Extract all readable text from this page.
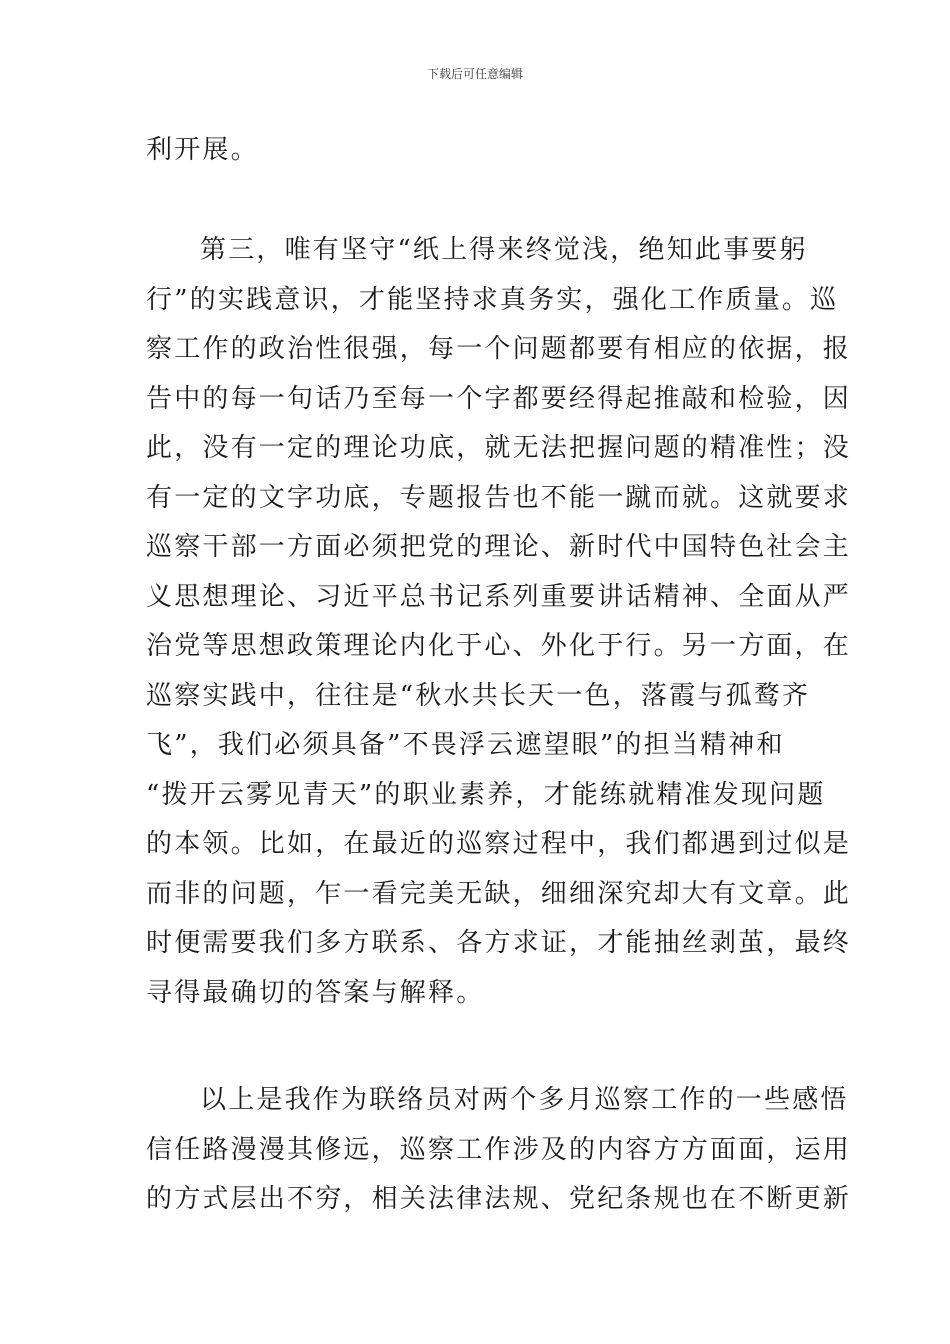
下载后可任意编辑
利开展。
第三，唯有坚守“纸上得来终觉浅，绝知此事要躬
行”的实践意识，才能坚持求真务实，强化工作质量。巡
察工作的政治性很强，每一个问题都要有相应的依据，报
告中的每一句话乃至每一个字都要经得起推敲和检验，因
此，没有一定的理论功底，就无法把握问题的精准性；没
有一定的文字功底，专题报告也不能一蹴而就。这就要求
巡察干部一方面必须把党的理论、新时代中国特色社会主
义思想理论、习近平总书记系列重要讲话精神、全面从严
治党等思想政策理论内化于心、外化于行。另一方面，在
巡察实践中，往往是“秋水共长天一色，落霞与孤鹜齐
飞”，我们必须具备”不畏浮云遮望眼”的担当精神和
“拨开云雾见青天”的职业素养，才能练就精准发现问题
的本领。比如，在最近的巡察过程中，我们都遇到过似是
而非的问题，乍一看完美无缺，细细深究却大有文章。此
时便需要我们多方联系、各方求证，才能抽丝剥茧，最终
寻得最确切的答案与解释。
以上是我作为联络员对两个多月巡察工作的一些感悟
信任路漫漫其修远，巡察工作涉及的内容方方面面，运用
的方式层出不穷，相关法律法规、党纪条规也在不断更新
